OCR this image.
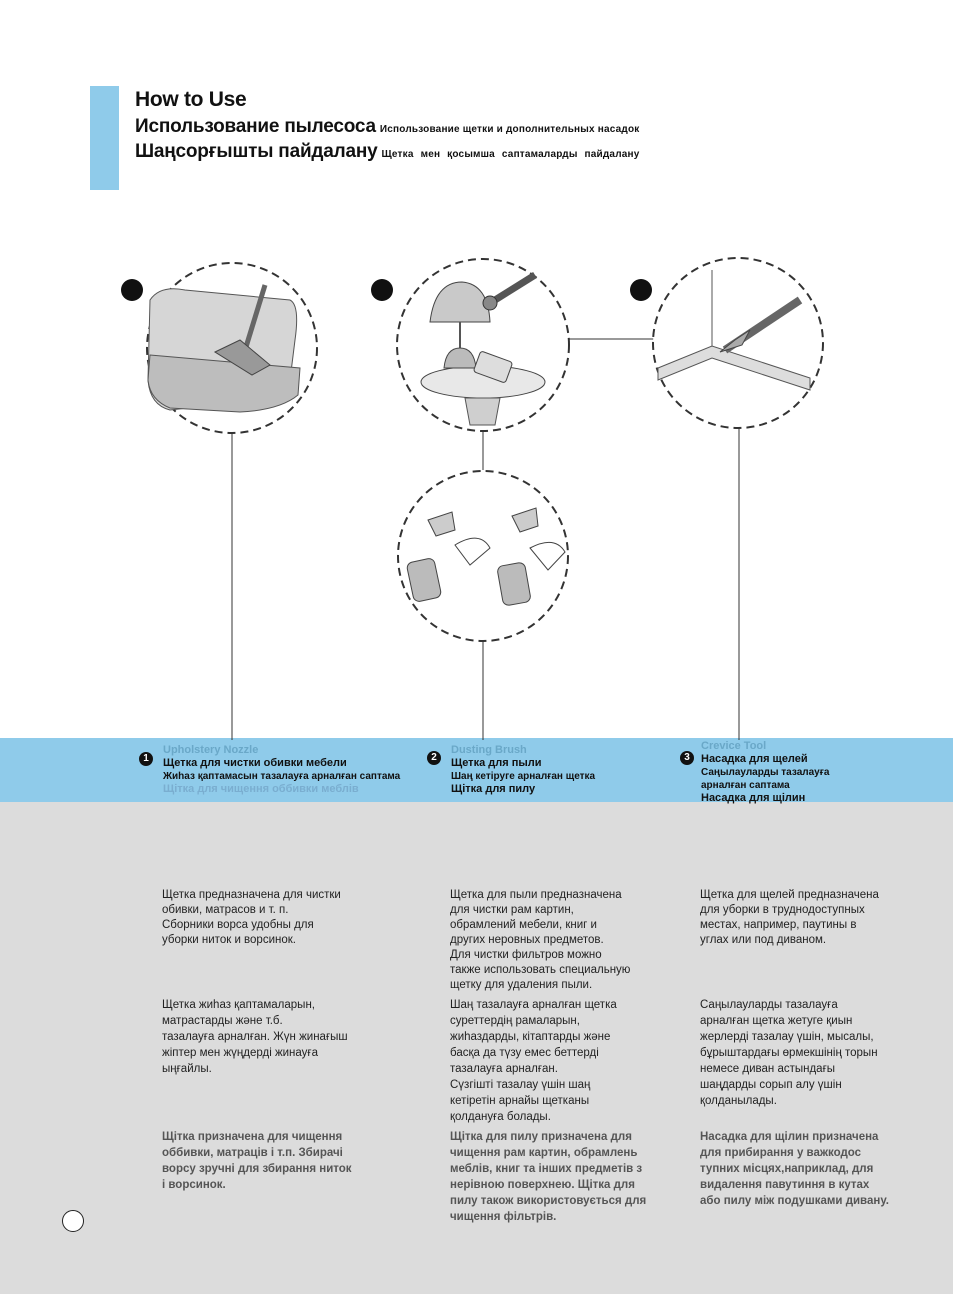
How to Use
Использование пылесоса Использование щетки и дополнительных насадок
Шаңсорғышты пайдалану Щетка мен қосымша саптамаларды пайдалану
1
Upholstery Nozzle
Щетка для чистки обивки мебели
Жиһаз қаптамасын тазалауға арналған саптама
Щітка для чищення оббивки меблів
2
Dusting Brush
Щетка для пыли
Шаң кетіруге арналған щетка
Щітка для пилу
3
Crevice Tool
Насадка для щелей
Саңылауларды тазалауға
арналған саптама
Насадка для щілин
Щетка предназначена для чистки
обивки, матрасов и т. п.
Сборники ворса удобны для
уборки ниток и ворсинок.
Щетка для пыли предназначена
для чистки рам картин,
обрамлений мебели, книг и
других неровных предметов.
Для чистки фильтров можно
также использовать специальную
щетку для удаления пыли.
Щетка для щелей предназначена
для уборки в труднодоступных
местах, например, паутины в
углах или под диваном.
Щетка жиһаз қаптамаларын,
матрастарды және т.б.
тазалауға арналған. Жүн жинағыш
жіптер мен жүңдерді жинауға
ыңғайлы.
Шаң тазалауға арналған щетка
суреттердің рамаларын,
жиһаздарды, кітаптарды және
басқа да түзу емес беттерді
тазалауға арналған.
Сүзгішті тазалау үшін шаң
кетіретін арнайы щетканы
қолдануға болады.
Саңылауларды тазалауға
арналған щетка жетуге қиын
жерлерді тазалау үшін, мысалы,
бұрыштардағы өрмекшінің торын
немесе диван астындағы
шаңдарды сорып алу үшін
қолданылады.
Щітка призначена для чищення
оббивки, матраців і т.п. Збирачі
ворсу зручні для збирання ниток
і ворсинок.
Щітка для пилу призначена для
чищення рам картин, обрамлень
меблів, книг та інших предметів з
нерівною поверхнею. Щітка для
пилу також використовується для
чищення фільтрів.
Насадка для щілин призначена
для прибирання у важкодос
тупних місцях,наприклад, для
видалення павутиння в кутах
або пилу між подушками дивану.
